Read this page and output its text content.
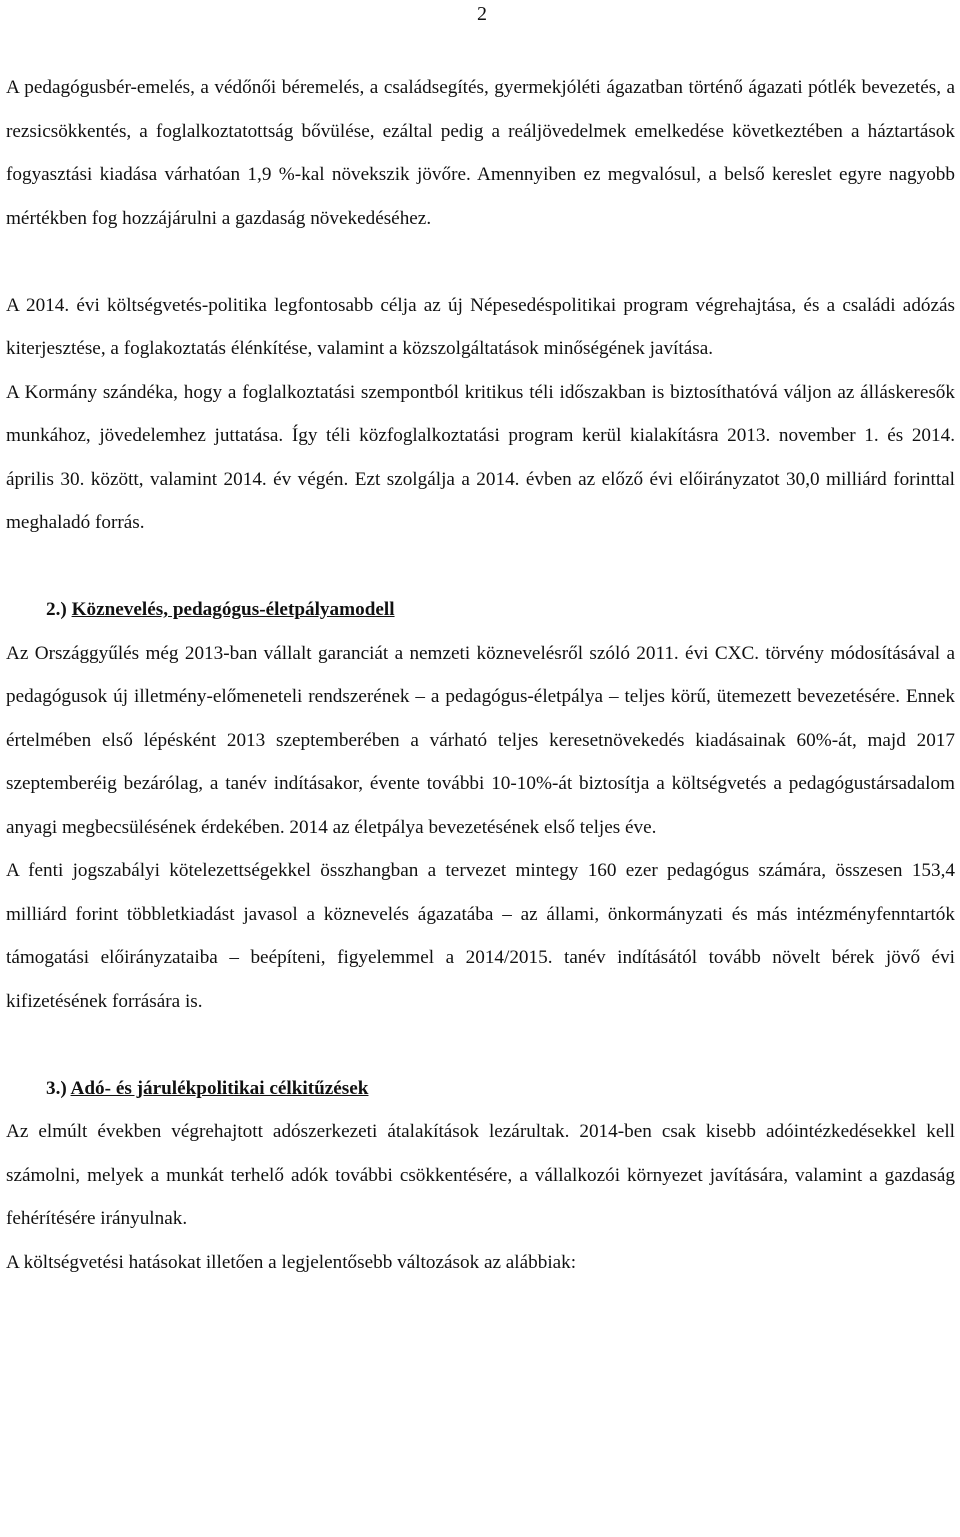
2

A pedagógusbér-emelés, a védőnői béremelés, a családsegítés, gyermekjóléti ágazatban történő ágazati pótlék bevezetés, a rezsicsökkentés, a foglalkoztatottság bővülése, ezáltal pedig a reáljövedelmek emelkedése következtében a háztartások fogyasztási kiadása várhatóan 1,9 %-kal növekszik jövőre. Amennyiben ez megvalósul, a belső kereslet egyre nagyobb mértékben fog hozzájárulni a gazdaság növekedéséhez.

A 2014. évi költségvetés-politika legfontosabb célja az új Népesedéspolitikai program végrehajtása, és a családi adózás kiterjesztése, a foglakoztatás élénkítése, valamint a közszolgáltatások minőségének javítása.

A Kormány szándéka, hogy a foglalkoztatási szempontból kritikus téli időszakban is biztosíthatóvá váljon az álláskeresők munkához, jövedelemhez juttatása. Így téli közfoglalkoztatási program kerül kialakításra 2013. november 1. és 2014. április 30. között, valamint 2014. év végén. Ezt szolgálja a 2014. évben az előző évi előirányzatot 30,0 milliárd forinttal meghaladó forrás.

2.) Köznevelés, pedagógus-életpályamodell

Az Országgyűlés még 2013-ban vállalt garanciát a nemzeti köznevelésről szóló 2011. évi CXC. törvény módosításával a pedagógusok új illetmény-előmeneteli rendszerének – a pedagógus-életpálya – teljes körű, ütemezett bevezetésére. Ennek értelmében első lépésként 2013 szeptemberében a várható teljes keresetnövekedés kiadásainak 60%-át, majd 2017 szeptemberéig bezárólag, a tanév indításakor, évente további 10-10%-át biztosítja a költségvetés a pedagógustársadalom anyagi megbecsülésének érdekében. 2014 az életpálya bevezetésének első teljes éve.

A fenti jogszabályi kötelezettségekkel összhangban a tervezet mintegy 160 ezer pedagógus számára, összesen 153,4 milliárd forint többletkiadást javasol a köznevelés ágazatába – az állami, önkormányzati és más intézményfenntartók támogatási előirányzataiba – beépíteni, figyelemmel a 2014/2015. tanév indításától tovább növelt bérek jövő évi kifizetésének forrására is.

3.) Adó- és járulékpolitikai célkitűzések

Az elmúlt években végrehajtott adószerkezeti átalakítások lezárultak. 2014-ben csak kisebb adóintézkedésekkel kell számolni, melyek a munkát terhelő adók további csökkentésére, a vállalkozói környezet javítására, valamint a gazdaság fehérítésére irányulnak.

A költségvetési hatásokat illetően a legjelentősebb változások az alábbiak:
